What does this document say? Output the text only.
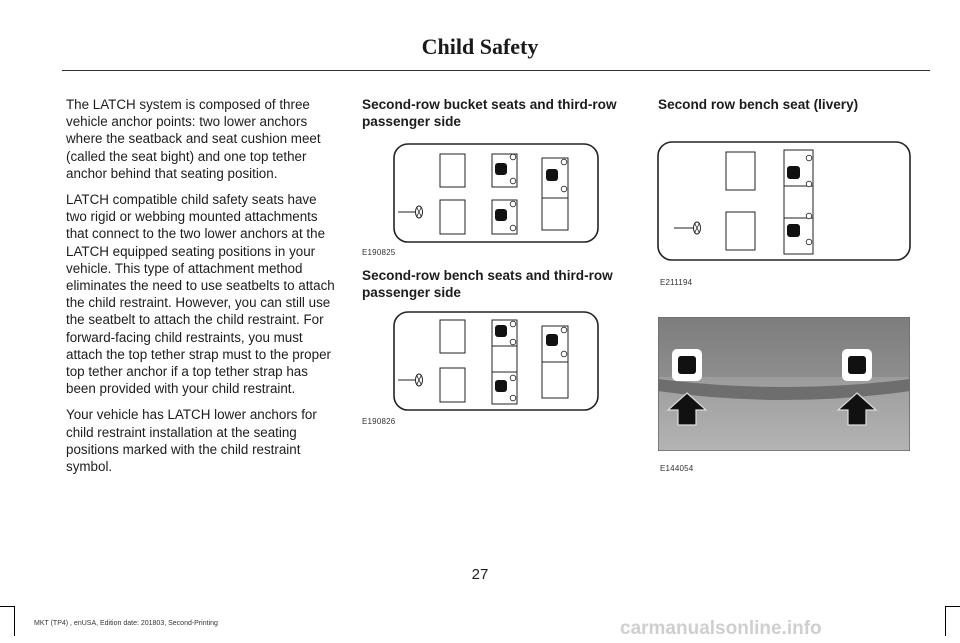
Child Safety

The LATCH system is composed of three vehicle anchor points: two lower anchors where the seatback and seat cushion meet (called the seat bight) and one top tether anchor behind that seating position.

LATCH compatible child safety seats have two rigid or webbing mounted attachments that connect to the two lower anchors at the LATCH equipped seating positions in your vehicle. This type of attachment method eliminates the need to use seatbelts to attach the child restraint. However, you can still use the seatbelt to attach the child restraint. For forward-facing child restraints, you must attach the top tether strap must to the proper top tether anchor if a top tether strap has been provided with your child restraint.

Your vehicle has LATCH lower anchors for child restraint installation at the seating positions marked with the child restraint symbol.

Second-row bucket seats and third-row passenger side
E190825
Second-row bench seats and third-row passenger side
E190826
Second row bench seat (livery)
E211194
E144054
27
MKT (TP4) , enUSA, Edition date: 201803, Second-Printing	carmanualsonline.info
